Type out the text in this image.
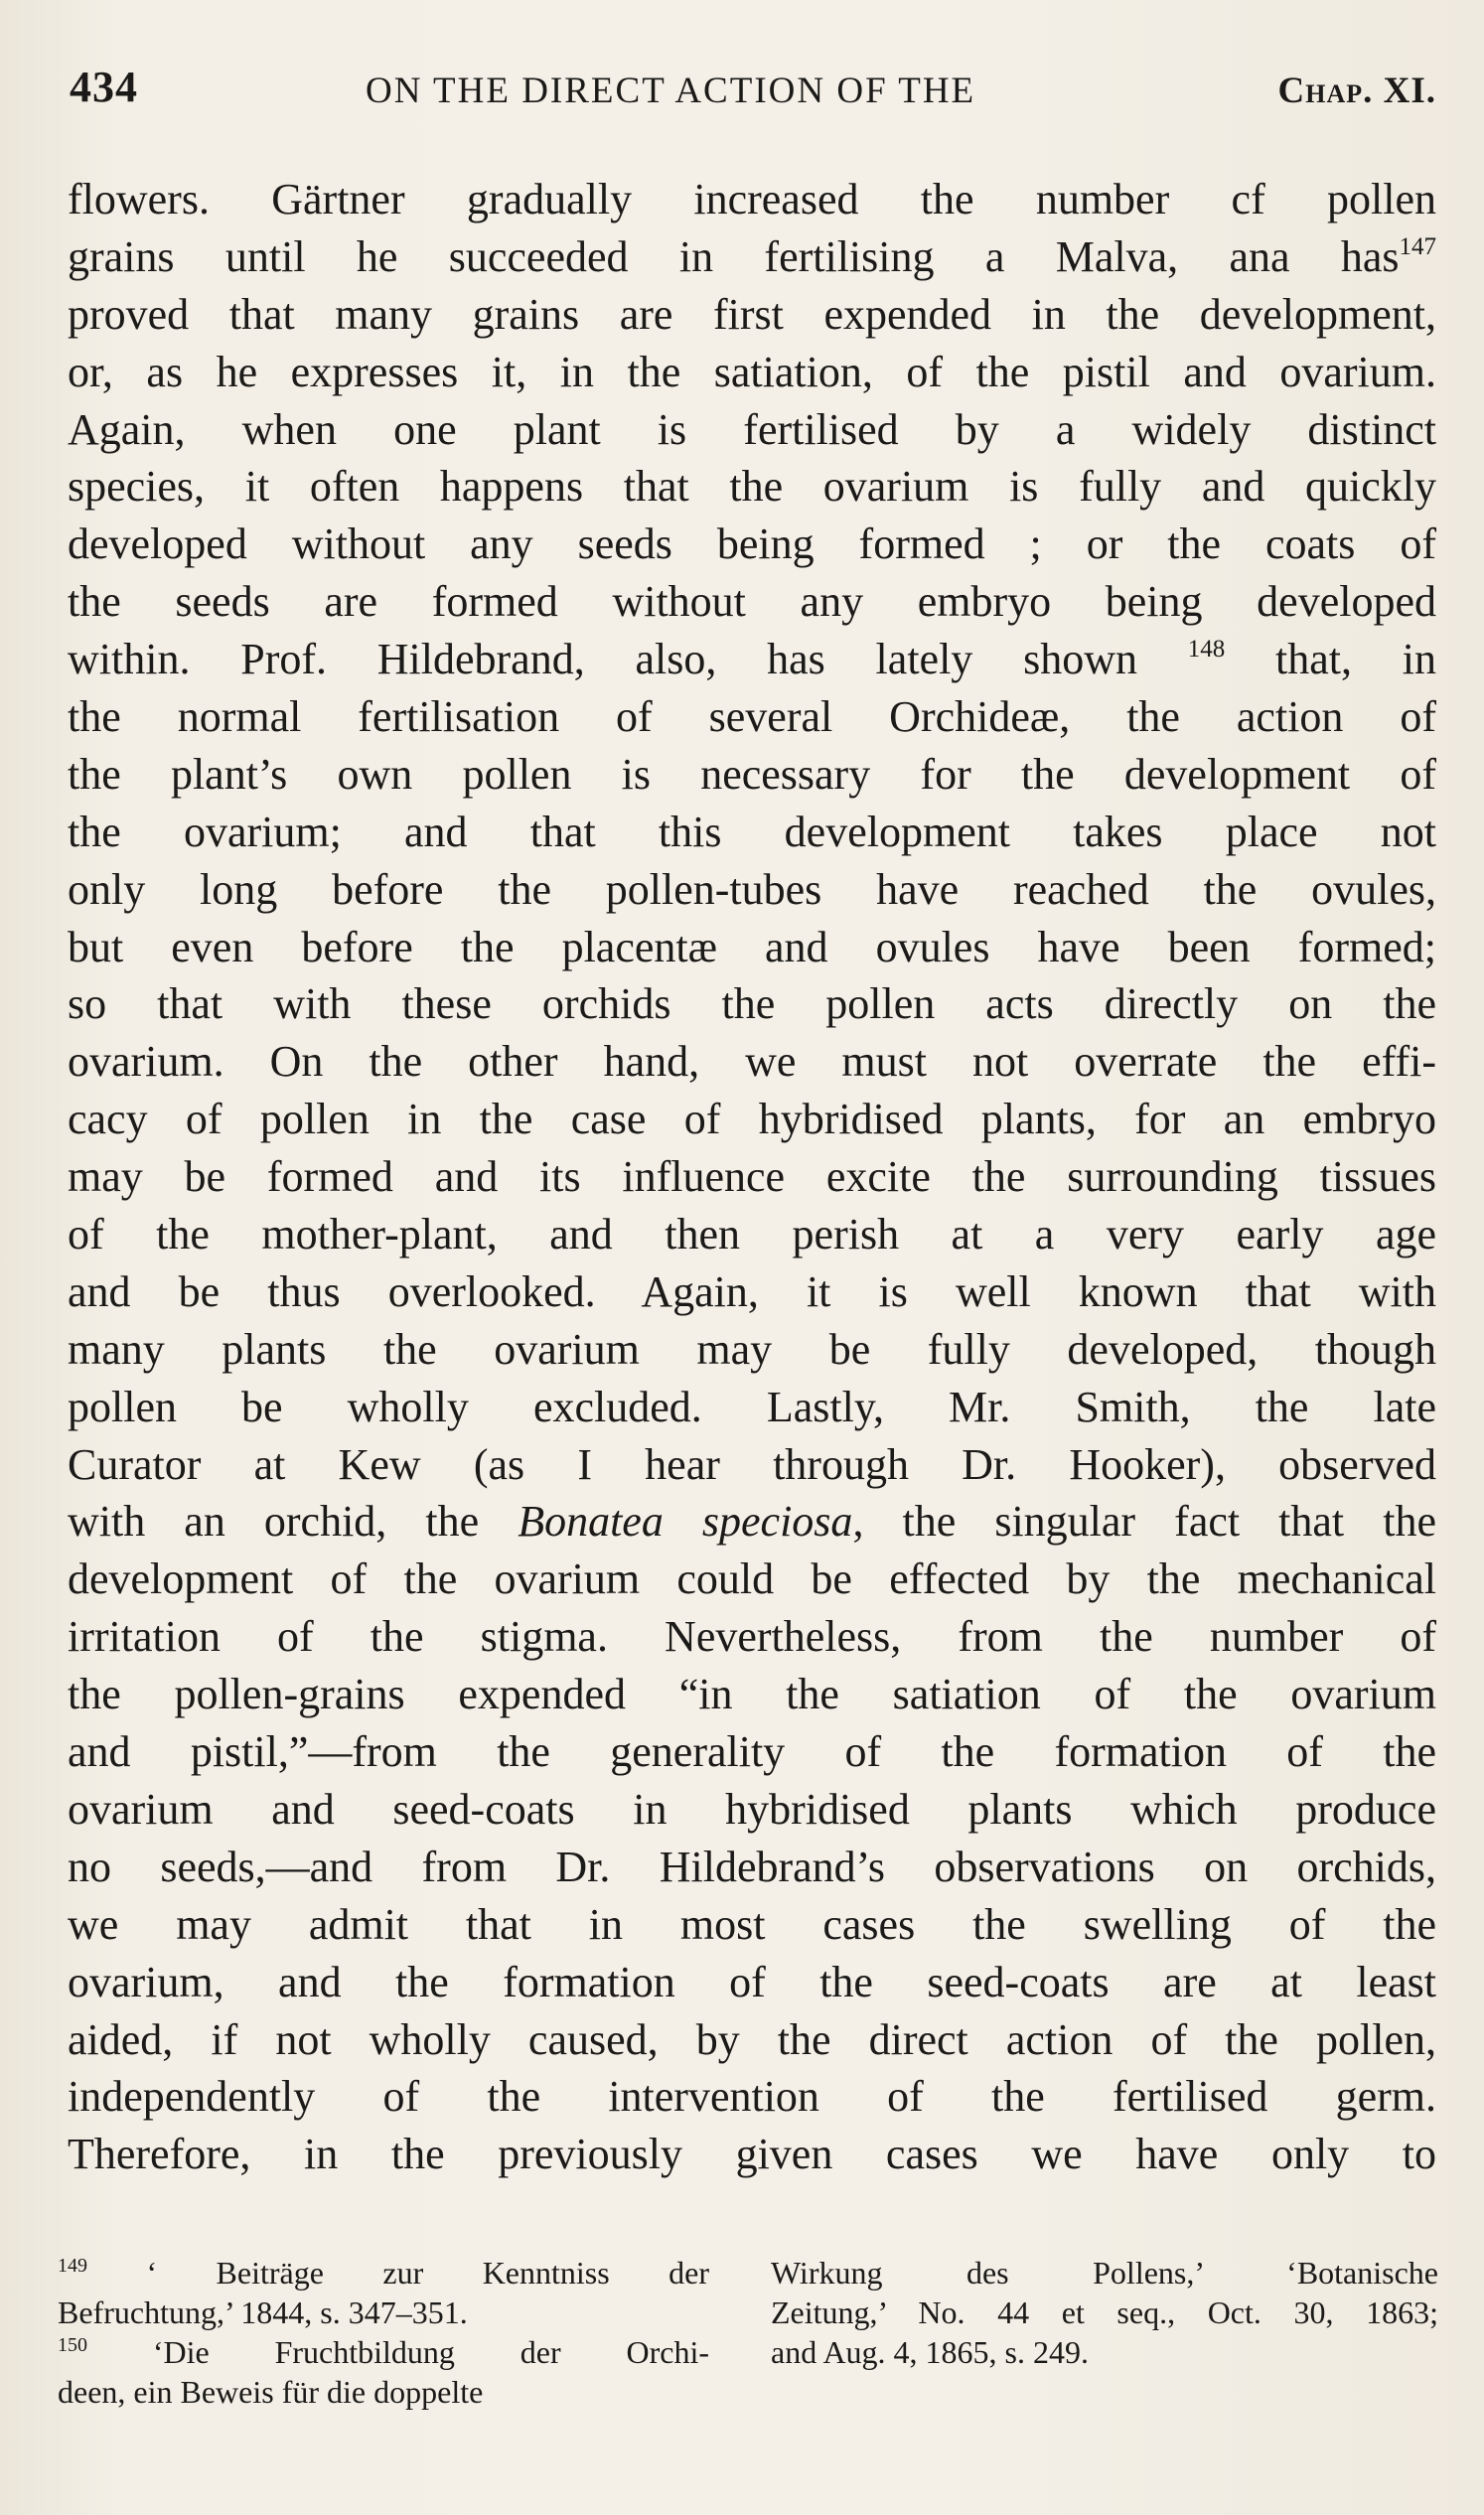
434	ON THE DIRECT ACTION OF THE	Chap. XI.
flowers. Gärtner gradually increased the number cf pollen
grains until he succeeded in fertilising a Malva, ana has$^{147}$
proved that many grains are first expended in the development,
or, as he expresses it, in the satiation, of the pistil and ovarium.
Again, when one plant is fertilised by a widely distinct
species, it often happens that the ovarium is fully and quickly
developed without any seeds being formed ; or the coats of
the seeds are formed without any embryo being developed
within. Prof. Hildebrand, also, has lately shown $^{148}$ that, in
the normal fertilisation of several Orchideæ, the action of
the plant’s own pollen is necessary for the development of
the ovarium; and that this development takes place not
only long before the pollen-tubes have reached the ovules,
but even before the placentæ and ovules have been formed;
so that with these orchids the pollen acts directly on the
ovarium. On the other hand, we must not overrate the effi-
cacy of pollen in the case of hybridised plants, for an embryo
may be formed and its influence excite the surrounding tissues
of the mother-plant, and then perish at a very early age
and be thus overlooked. Again, it is well known that with
many plants the ovarium may be fully developed, though
pollen be wholly excluded. Lastly, Mr. Smith, the late
Curator at Kew (as I hear through Dr. Hooker), observed
with an orchid, the Bonatea speciosa, the singular fact that the
development of the ovarium could be effected by the mechanical
irritation of the stigma. Nevertheless, from the number of
the pollen-grains expended “in the satiation of the ovarium
and pistil,”—from the generality of the formation of the
ovarium and seed-coats in hybridised plants which produce
no seeds,—and from Dr. Hildebrand’s observations on orchids,
we may admit that in most cases the swelling of the
ovarium, and the formation of the seed-coats are at least
aided, if not wholly caused, by the direct action of the pollen,
independently of the intervention of the fertilised germ.
Therefore, in the previously given cases we have only to
$^{149}$ ‘ Beiträge zur Kenntniss der
Befruchtung,’ 1844, s. 347–351.
$^{150}$ ‘Die Fruchtbildung der Orchi-
deen, ein Beweis für die doppelte
Wirkung des Pollens,’ ‘Botanische
Zeitung,’ No. 44 et seq., Oct. 30, 1863;
and Aug. 4, 1865, s. 249.
